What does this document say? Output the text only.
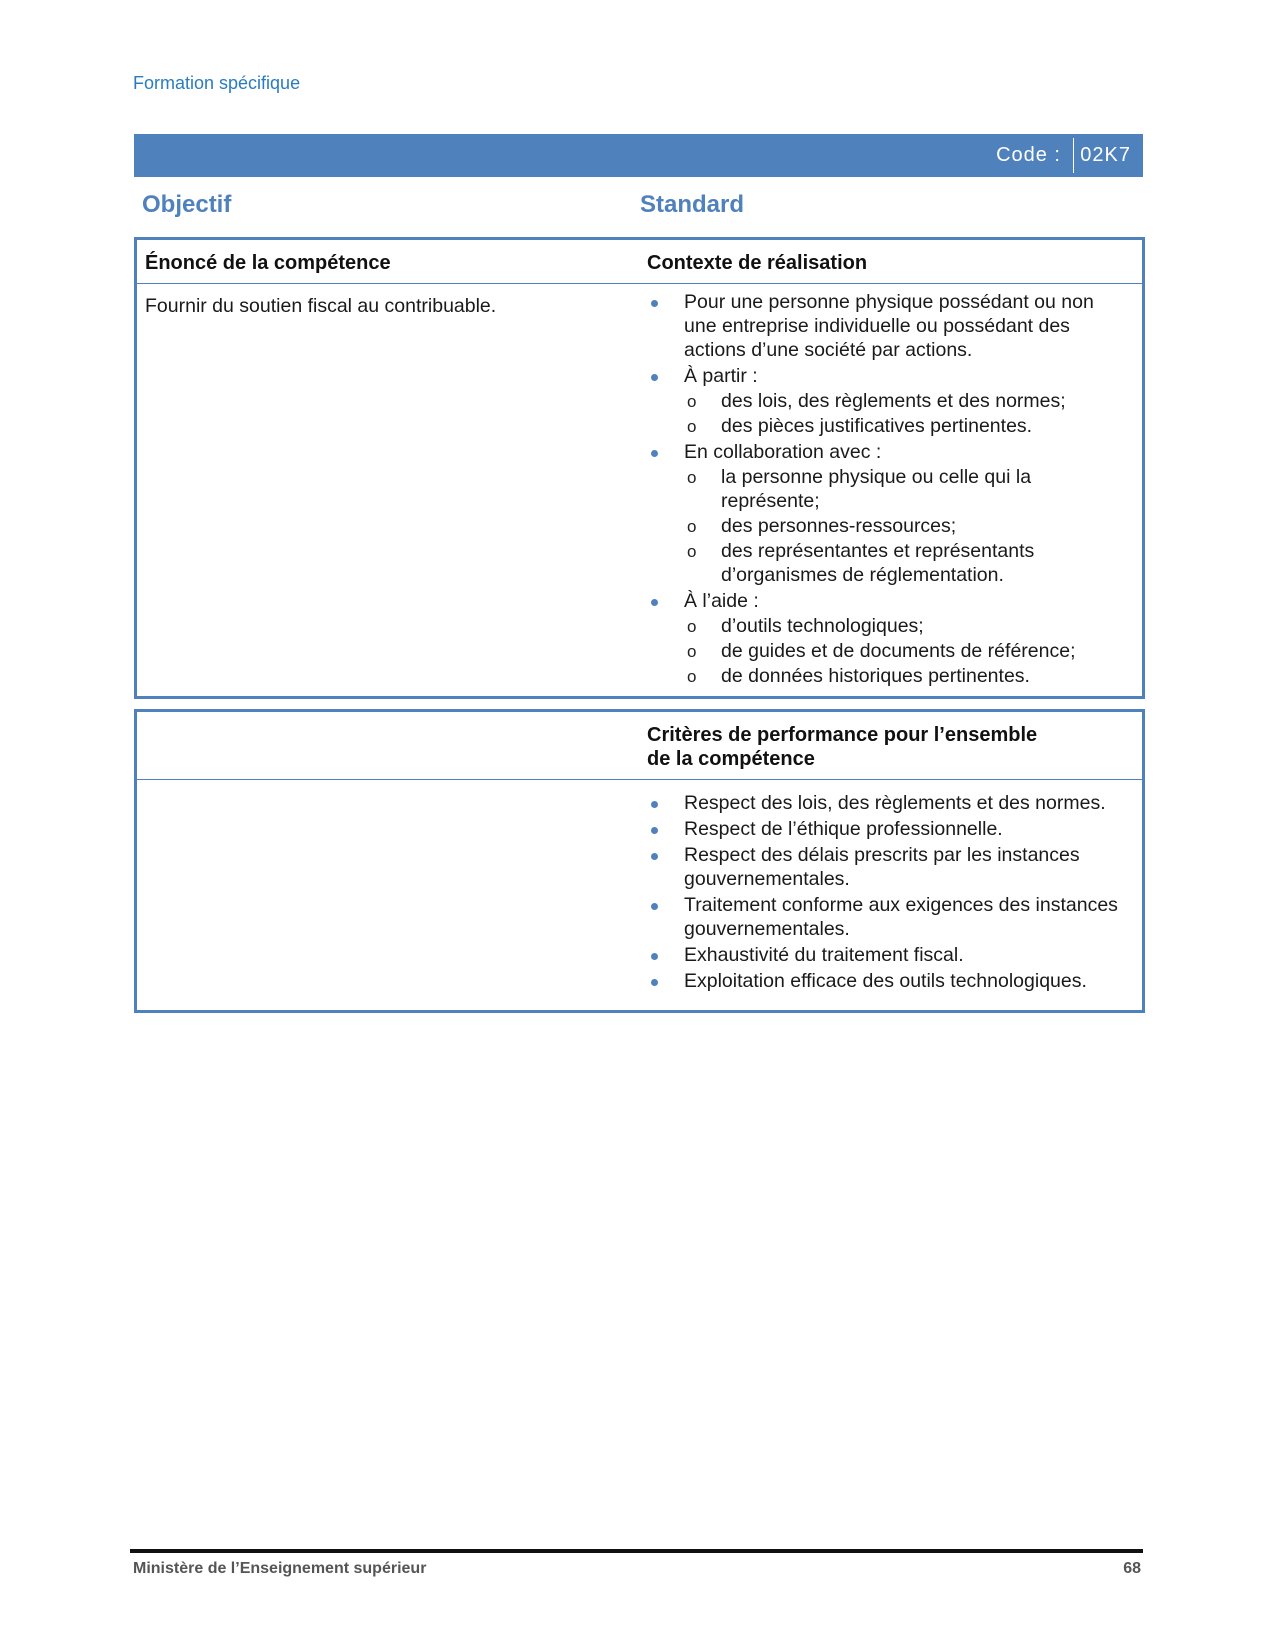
Formation spécifique
Code : 02K7
Objectif	Standard
Énoncé de la compétence	Contexte de réalisation
Fournir du soutien fiscal au contribuable.	Pour une personne physique possédant ou non une entreprise individuelle ou possédant des actions d’une société par actions.
À partir :
o des lois, des règlements et des normes;
o des pièces justificatives pertinentes.
En collaboration avec :
o la personne physique ou celle qui la représente;
o des personnes-ressources;
o des représentantes et représentants d’organismes de réglementation.
À l’aide :
o d’outils technologiques;
o de guides et de documents de référence;
o de données historiques pertinentes.
Critères de performance pour l’ensemble
de la compétence
Respect des lois, des règlements et des normes.
Respect de l’éthique professionnelle.
Respect des délais prescrits par les instances gouvernementales.
Traitement conforme aux exigences des instances gouvernementales.
Exhaustivité du traitement fiscal.
Exploitation efficace des outils technologiques.
Ministère de l’Enseignement supérieur	68
